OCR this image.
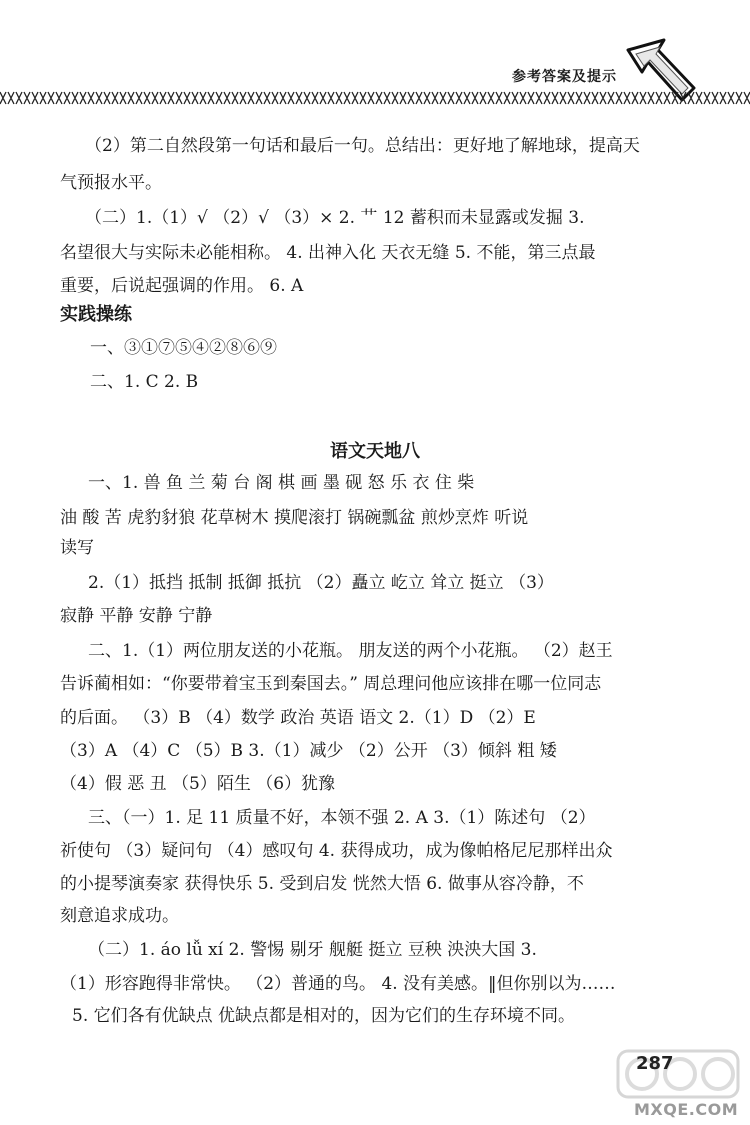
参考答案及提示
（2）第二自然段第一句话和最后一句。总结出：更好地了解地球，提高天
气预报水平。
（二）1.（1）√ （2）√ （3）× 2. 艹 12 蓄积而未显露或发掘 3.
名望很大与实际未必能相称。 4. 出神入化 天衣无缝 5. 不能，第三点最
重要，后说起强调的作用。 6. A
实践操练
一、③①⑦⑤④②⑧⑥⑨
二、1. C 2. B
语文天地八
一、1. 兽 鱼 兰 菊 台 阁 棋 画 墨 砚 怒 乐 衣 住 柴
油 酸 苦 虎豹豺狼 花草树木 摸爬滚打 锅碗瓢盆 煎炒烹炸 听说
读写
2.（1）抵挡 抵制 抵御 抵抗 （2）矗立 屹立 耸立 挺立 （3）
寂静 平静 安静 宁静
二、1.（1）两位朋友送的小花瓶。 朋友送的两个小花瓶。 （2）赵王
告诉蔺相如：“你要带着宝玉到秦国去。” 周总理问他应该排在哪一位同志
的后面。 （3）B （4）数学 政治 英语 语文 2.（1）D （2）E
（3）A （4）C （5）B 3.（1）减少 （2）公开 （3）倾斜 粗 矮
（4）假 恶 丑 （5）陌生 （6）犹豫
三、（一）1. 足 11 质量不好，本领不强 2. A 3.（1）陈述句 （2）
祈使句 （3）疑问句 （4）感叹句 4. 获得成功，成为像帕格尼尼那样出众
的小提琴演奏家 获得快乐 5. 受到启发 恍然大悟 6. 做事从容冷静，不
刻意追求成功。
（二）1. áo lǚ xí 2. 警惕 剔牙 舰艇 挺立 豆秧 泱泱大国 3.
（1）形容跑得非常快。 （2）普通的鸟。 4. 没有美感。‖但你别以为……
5. 它们各有优缺点 优缺点都是相对的，因为它们的生存环境不同。
287
MXQE.COM
